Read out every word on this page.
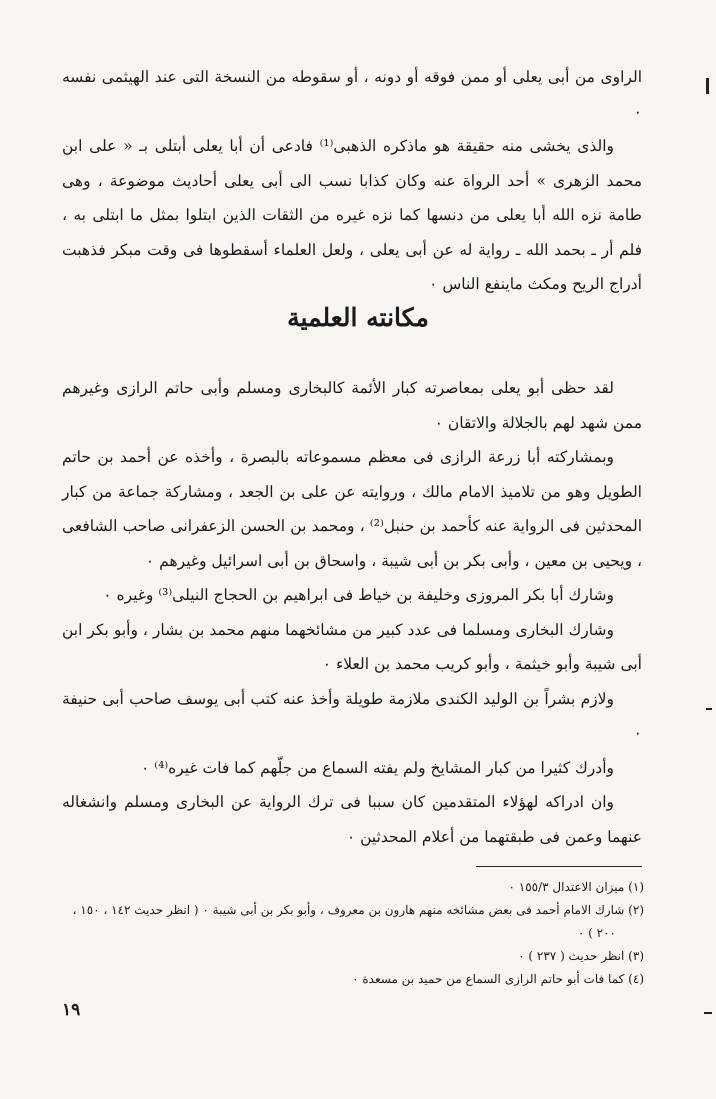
الراوى من أبى يعلى أو ممن فوقه أو دونه ، أو سقوطه من النسخة التى عند الهيثمى نفسه ٠

والذى يخشى منه حقيقة هو ماذكره الذهبى⁽¹⁾ فادعى أن أبا يعلى أبتلى بـ « على ابن محمد الزهرى » أحد الرواة عنه وكان كذابا نسب الى أبى يعلى أحاديث موضوعة ، وهى طامة نزه الله أبا يعلى من دنسها كما نزه غيره من الثقات الذين ابتلوا بمثل ما ابتلى به ، فلم أر ـ بحمد الله ـ رواية له عن أبى يعلى ، ولعل العلماء أسقطوها فى وقت مبكر فذهبت أدراج الريح ومكث ماينفع الناس ٠

مكانته العلمية

لقد حظى أبو يعلى بمعاصرته كبار الأئمة كالبخارى ومسلم وأبى حاتم الرازى وغيرهم ممن شهد لهم بالجلالة والاتقان ٠

وبمشاركته أبا زرعة الرازى فى معظم مسموعاته بالبصرة ، وأخذه عن أحمد بن حاتم الطويل وهو من تلاميذ الامام مالك ، وروايته عن على بن الجعد ، ومشاركة جماعة من كبار المحدثين فى الرواية عنه كأحمد بن حنبل⁽²⁾ ، ومحمد بن الحسن الزعفرانى صاحب الشافعى ، ويحيى بن معين ، وأبى بكر بن أبى شيبة ، واسحاق بن أبى اسرائيل وغيرهم ٠

وشارك أبا بكر المروزى وخليفة بن خياط فى ابراهيم بن الحجاج النيلى⁽³⁾ وغيره ٠

وشارك البخارى ومسلما فى عدد كبير من مشائخهما منهم محمد بن بشار ، وأبو بكر ابن أبى شيبة وأبو خيثمة ، وأبو كريب محمد بن العلاء ٠

ولازم بشراً بن الوليد الكندى ملازمة طويلة وأخذ عنه كتب أبى يوسف صاحب أبى حنيفة ٠

وأدرك كثيرا من كبار المشايخ ولم يفته السماع من جلّهم كما فات غيره⁽⁴⁾ ٠

وان ادراكه لهؤلاء المتقدمين كان سببا فى ترك الرواية عن البخارى ومسلم وانشغاله عنهما وعمن فى طبقتهما من أعلام المحدثين ٠

(١) ميزان الاعتدال ١٥٥/٣ ٠

(٢) شارك الامام أحمد فى بعض مشائخه منهم هارون بن معروف ، وأبو بكر بن أبى شيبة ٠ ( انظر حديث ١٤٢ ، ١٥٠ ، ٢٠٠ ) ٠

(٣) انظر حديث ( ٢٣٧ ) ٠

(٤) كما فات أبو حاتم الرازى السماع من حميد بن مسعدة ٠

١٩
